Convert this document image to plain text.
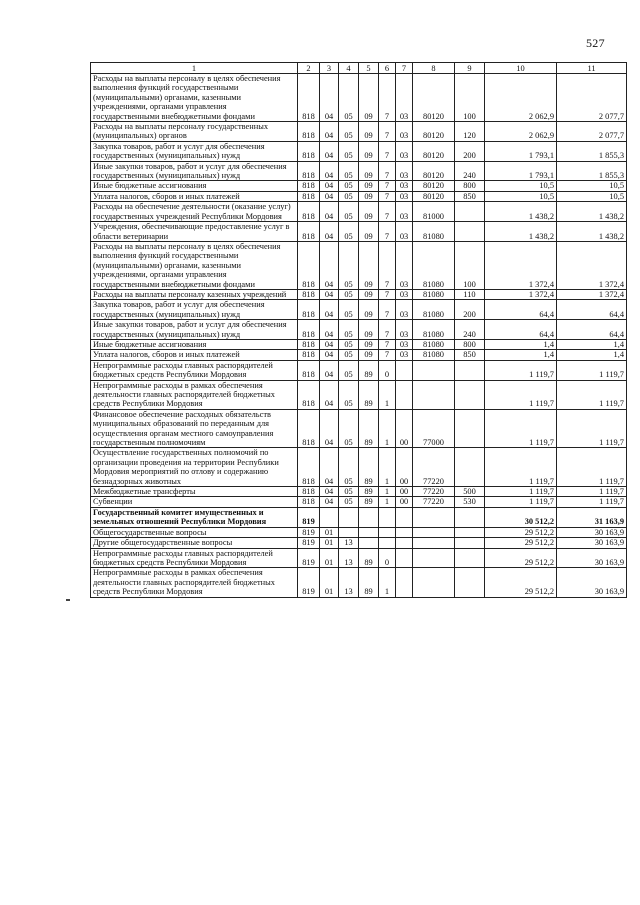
527
1	2	3	4	5	6	7	8	9	10	11
Расходы на выплаты персоналу в целях обеспечения выполнения функций государственными (муниципальными) органами, казенными учреждениями, органами управления государственными внебюджетными фондами	818	04	05	09	7	03	80120	100	2 062,9	2 077,7
Расходы на выплаты персоналу государственных (муниципальных) органов	818	04	05	09	7	03	80120	120	2 062,9	2 077,7
Закупка товаров, работ и услуг для обеспечения государственных (муниципальных) нужд	818	04	05	09	7	03	80120	200	1 793,1	1 855,3
Иные закупки товаров, работ и услуг для обеспечения государственных (муниципальных) нужд	818	04	05	09	7	03	80120	240	1 793,1	1 855,3
Иные бюджетные ассигнования	818	04	05	09	7	03	80120	800	10,5	10,5
Уплата налогов, сборов и иных платежей	818	04	05	09	7	03	80120	850	10,5	10,5
Расходы на обеспечение деятельности (оказание услуг) государственных учреждений Республики Мордовия	818	04	05	09	7	03	81000		1 438,2	1 438,2
Учреждения, обеспечивающие предоставление услуг в области ветеринарии	818	04	05	09	7	03	81080		1 438,2	1 438,2
Расходы на выплаты персоналу в целях обеспечения выполнения функций государственными (муниципальными) органами, казенными учреждениями, органами управления государственными внебюджетными фондами	818	04	05	09	7	03	81080	100	1 372,4	1 372,4
Расходы на выплаты персоналу казенных учреждений	818	04	05	09	7	03	81080	110	1 372,4	1 372,4
Закупка товаров, работ и услуг для обеспечения государственных (муниципальных) нужд	818	04	05	09	7	03	81080	200	64,4	64,4
Иные закупки товаров, работ и услуг для обеспечения государственных (муниципальных) нужд	818	04	05	09	7	03	81080	240	64,4	64,4
Иные бюджетные ассигнования	818	04	05	09	7	03	81080	800	1,4	1,4
Уплата налогов, сборов и иных платежей	818	04	05	09	7	03	81080	850	1,4	1,4
Непрограммные расходы главных распорядителей бюджетных средств Республики Мордовия	818	04	05	89	0				1 119,7	1 119,7
Непрограммные расходы в рамках обеспечения деятельности главных распорядителей бюджетных средств Республики Мордовия	818	04	05	89	1				1 119,7	1 119,7
Финансовое обеспечение расходных обязательств муниципальных образований по переданным для осуществления органам местного самоуправления государственным полномочиям	818	04	05	89	1	00	77000		1 119,7	1 119,7
Осуществление государственных полномочий по организации проведения на территории Республики Мордовия мероприятий по отлову и содержанию безнадзорных животных	818	04	05	89	1	00	77220		1 119,7	1 119,7
Межбюджетные трансферты	818	04	05	89	1	00	77220	500	1 119,7	1 119,7
Субвенции	818	04	05	89	1	00	77220	530	1 119,7	1 119,7
Государственный комитет имущественных и земельных отношений Республики Мордовия	819								30 512,2	31 163,9
Общегосударственные вопросы	819	01							29 512,2	30 163,9
Другие общегосударственные вопросы	819	01	13						29 512,2	30 163,9
Непрограммные расходы главных распорядителей бюджетных средств Республики Мордовия	819	01	13	89	0				29 512,2	30 163,9
Непрограммные расходы в рамках обеспечения деятельности главных распорядителей бюджетных средств Республики Мордовия	819	01	13	89	1				29 512,2	30 163,9
